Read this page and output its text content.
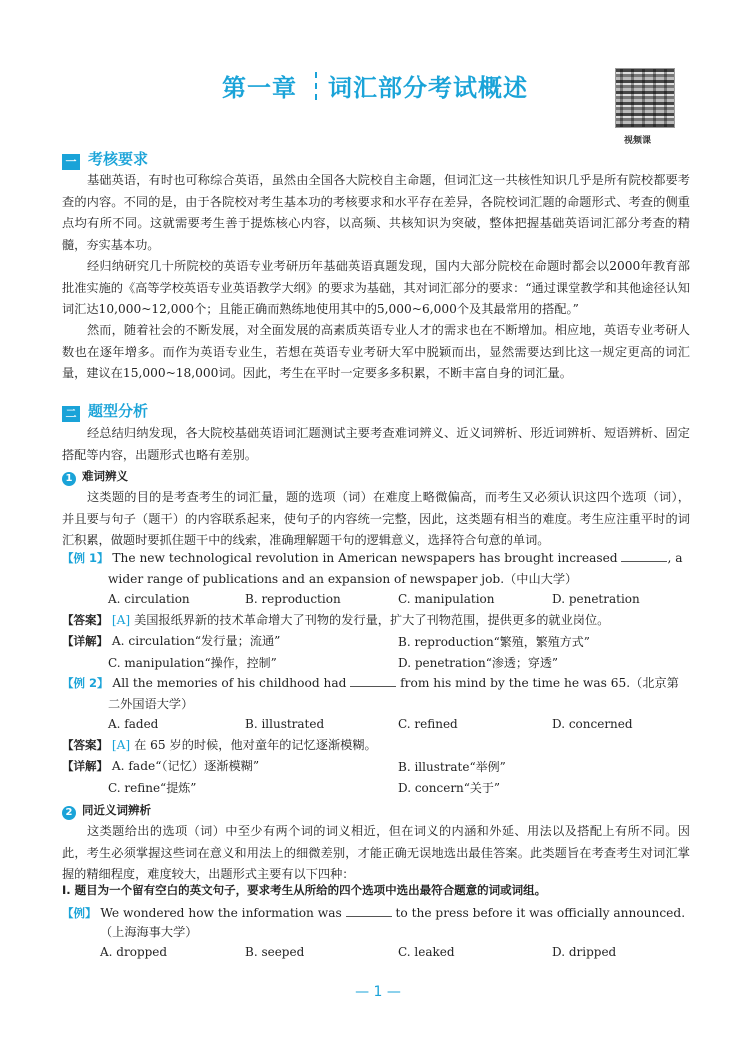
第一章 词汇部分考试概述
视频课
一 考核要求
基础英语，有时也可称综合英语，虽然由全国各大院校自主命题，但词汇这一共核性知识几乎是所有院校都要考查的内容。不同的是，由于各院校对考生基本功的考核要求和水平存在差异，各院校词汇题的命题形式、考查的侧重点均有所不同。这就需要考生善于提炼核心内容，以高频、共核知识为突破，整体把握基础英语词汇部分考查的精髓，夯实基本功。
经归纳研究几十所院校的英语专业考研历年基础英语真题发现，国内大部分院校在命题时都会以2000年教育部批准实施的《高等学校英语专业英语教学大纲》的要求为基础，其对词汇部分的要求：“通过课堂教学和其他途径认知词汇达10,000~12,000个；且能正确而熟练地使用其中的5,000~6,000个及其最常用的搭配。”
然而，随着社会的不断发展，对全面发展的高素质英语专业人才的需求也在不断增加。相应地，英语专业考研人数也在逐年增多。而作为英语专业生，若想在英语专业考研大军中脱颖而出，显然需要达到比这一规定更高的词汇量，建议在15,000~18,000词。因此，考生在平时一定要多多积累，不断丰富自身的词汇量。
二 题型分析
经总结归纳发现，各大院校基础英语词汇题测试主要考查难词辨义、近义词辨析、形近词辨析、短语辨析、固定搭配等内容，出题形式也略有差别。
1 难词辨义
这类题的目的是考查考生的词汇量，题的选项（词）在难度上略微偏高，而考生又必须认识这四个选项（词），并且要与句子（题干）的内容联系起来，使句子的内容统一完整，因此，这类题有相当的难度。考生应注重平时的词汇积累，做题时要抓住题干中的线索，准确理解题干句的逻辑意义，选择符合句意的单词。
【例 1】 The new technological revolution in American newspapers has brought increased	, a
wider range of publications and an expansion of newspaper job.（中山大学）
A. circulation	B. reproduction	C. manipulation	D. penetration
【答案】 [A] 美国报纸界新的技术革命增大了刊物的发行量，扩大了刊物范围，提供更多的就业岗位。
【详解】 A. circulation“发行量；流通”	B. reproduction“繁殖，繁殖方式”
C. manipulation“操作，控制”	D. penetration“渗透；穿透”
【例 2】 All the memories of his childhood had	from his mind by the time he was 65.（北京第
二外国语大学）
A. faded	B. illustrated	C. refined	D. concerned
【答案】 [A] 在 65 岁的时候，他对童年的记忆逐渐模糊。
【详解】 A. fade“（记忆）逐渐模糊”	B. illustrate“举例”
C. refine“提炼”	D. concern“关于”
2 同近义词辨析
这类题给出的选项（词）中至少有两个词的词义相近，但在词义的内涵和外延、用法以及搭配上有所不同。因此，考生必须掌握这些词在意义和用法上的细微差别，才能正确无误地选出最佳答案。此类题旨在考查考生对词汇掌握的精细程度，难度较大，出题形式主要有以下四种：
I. 题目为一个留有空白的英文句子，要求考生从所给的四个选项中选出最符合题意的词或词组。
【例】 We wondered how the information was	to the press before it was officially announced.
（上海海事大学）
A. dropped	B. seeped	C. leaked	D. dripped
— 1 —
